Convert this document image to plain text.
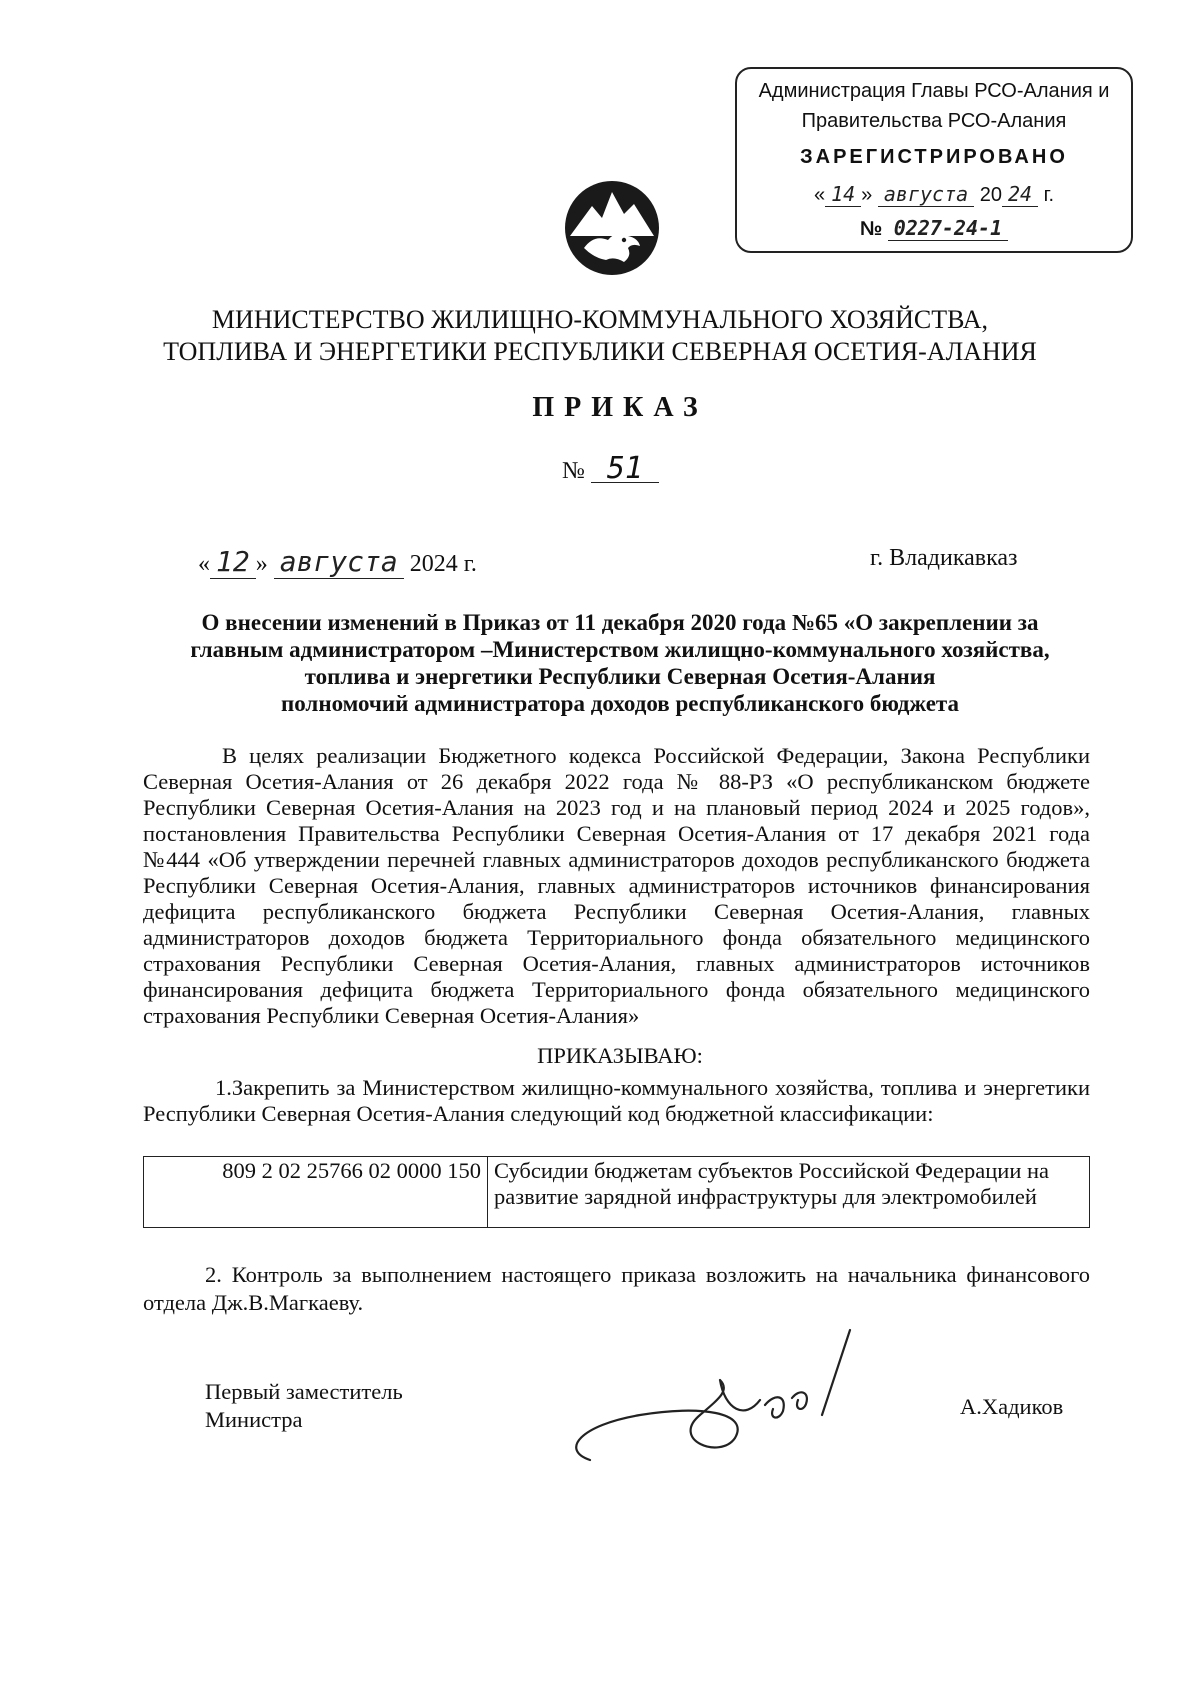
Администрация Главы РСО-Алания и
Правительства РСО-Алания
ЗАРЕГИСТРИРОВАНО
« 14 » августа 20 24 г.
№ 0227-24-1
МИНИСТЕРСТВО ЖИЛИЩНО-КОММУНАЛЬНОГО ХОЗЯЙСТВА,
ТОПЛИВА И ЭНЕРГЕТИКИ РЕСПУБЛИКИ СЕВЕРНАЯ ОСЕТИЯ-АЛАНИЯ
ПРИКАЗ
№ 51
« 12 » августа 2024 г.	г. Владикавказ
О внесении изменений в Приказ от 11 декабря 2020 года №65 «О закреплении за
главным администратором –Министерством жилищно-коммунального хозяйства,
топлива и энергетики Республики Северная Осетия-Алания
полномочий администратора доходов республиканского бюджета
В целях реализации Бюджетного кодекса Российской Федерации, Закона Республики Северная Осетия-Алания от 26 декабря 2022 года № 88-РЗ «О республиканском бюджете Республики Северная Осетия-Алания на 2023 год и на плановый период 2024 и 2025 годов», постановления Правительства Республики Северная Осетия-Алания от 17 декабря 2021 года №444 «Об утверждении перечней главных администраторов доходов республиканского бюджета Республики Северная Осетия-Алания, главных администраторов источников финансирования дефицита республиканского бюджета Республики Северная Осетия-Алания, главных администраторов доходов бюджета Территориального фонда обязательного медицинского страхования Республики Северная Осетия-Алания, главных администраторов источников финансирования дефицита бюджета Территориального фонда обязательного медицинского страхования Республики Северная Осетия-Алания»
ПРИКАЗЫВАЮ:
1.Закрепить за Министерством жилищно-коммунального хозяйства, топлива и энергетики Республики Северная Осетия-Алания следующий код бюджетной классификации:
809 2 02 25766 02 0000 150	Субсидии бюджетам субъектов Российской Федерации на развитие зарядной инфраструктуры для электромобилей
2. Контроль за выполнением настоящего приказа возложить на начальника финансового отдела Дж.В.Магкаеву.
Первый заместитель
Министра
А.Хадиков
